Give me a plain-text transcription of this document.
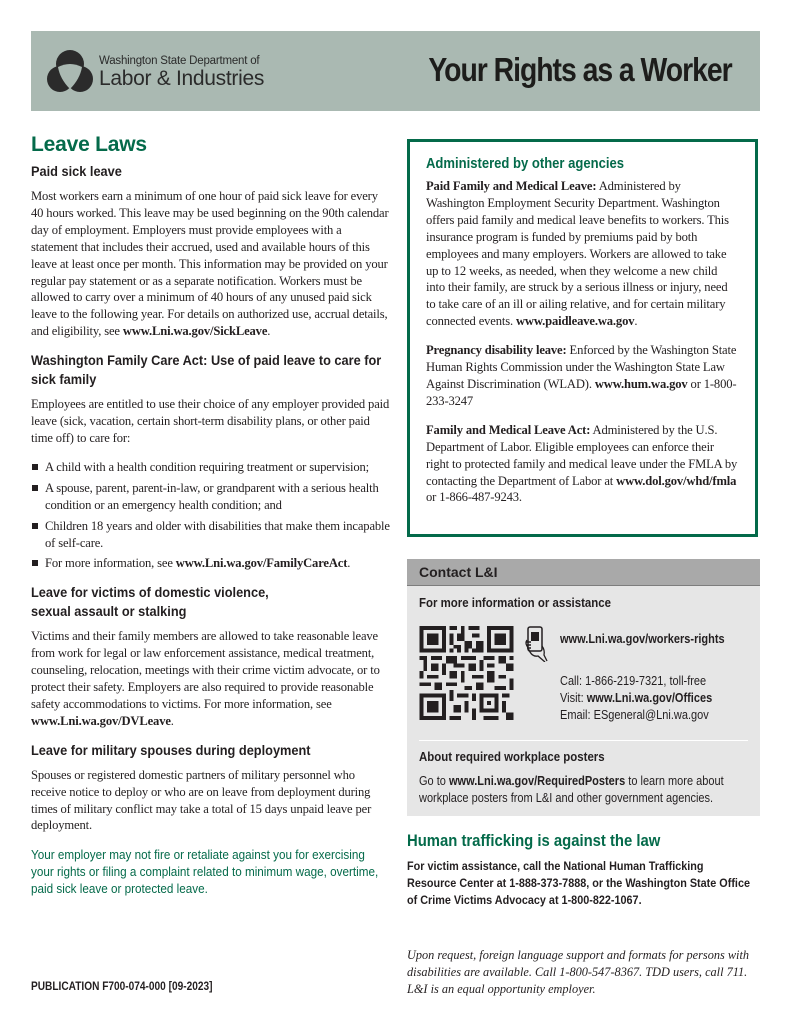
Washington State Department of
Labor & Industries	Your Rights as a Worker
Leave Laws
Paid sick leave

Most workers earn a minimum of one hour of paid sick leave for every 40 hours worked. This leave may be used beginning on the 90th calendar day of employment. Employers must provide employees with a statement that includes their accrued, used and available hours of this leave at least once per month. This information may be provided on your regular pay statement or as a separate notification. Workers must be allowed to carry over a minimum of 40 hours of any unused paid sick leave to the following year. For details on authorized use, accrual details, and eligibility, see www.Lni.wa.gov/SickLeave.

Washington Family Care Act: Use of paid leave to care for sick family

Employees are entitled to use their choice of any employer provided paid leave (sick, vacation, certain short-term disability plans, or other paid time off) to care for:

A child with a health condition requiring treatment or supervision;
A spouse, parent, parent-in-law, or grandparent with a serious health condition or an emergency health condition; and
Children 18 years and older with disabilities that make them incapable of self-care.
For more information, see www.Lni.wa.gov/FamilyCareAct.
Leave for victims of domestic violence, sexual assault or stalking

Victims and their family members are allowed to take reasonable leave from work for legal or law enforcement assistance, medical treatment, counseling, relocation, meetings with their crime victim advocate, or to protect their safety. Employers are also required to provide reasonable safety accommodations to victims. For more information, see www.Lni.wa.gov/DVLeave.

Leave for military spouses during deployment

Spouses or registered domestic partners of military personnel who receive notice to deploy or who are on leave from deployment during times of military conflict may take a total of 15 days unpaid leave per deployment.

Your employer may not fire or retaliate against you for exercising your rights or filing a complaint related to minimum wage, overtime, paid sick leave or protected leave.

PUBLICATION F700-074-000 [09-2023]
Administered by other agencies

Paid Family and Medical Leave: Administered by Washington Employment Security Department. Washington offers paid family and medical leave benefits to workers. This insurance program is funded by premiums paid by both employees and many employers. Workers are allowed to take up to 12 weeks, as needed, when they welcome a new child into their family, are struck by a serious illness or injury, need to take care of an ill or ailing relative, and for certain military connected events. www.paidleave.wa.gov.

Pregnancy disability leave: Enforced by the Washington State Human Rights Commission under the Washington State Law Against Discrimination (WLAD). www.hum.wa.gov or 1-800-233-3247

Family and Medical Leave Act: Administered by the U.S. Department of Labor. Eligible employees can enforce their right to protected family and medical leave under the FMLA by contacting the Department of Labor at www.dol.gov/whd/fmla or 1-866-487-9243.

Contact L&I
For more information or assistance
www.Lni.wa.gov/workers-rights
Call: 1-866-219-7321, toll-free
Visit: www.Lni.wa.gov/Offices
Email: ESgeneral@Lni.wa.gov
About required workplace posters
Go to www.Lni.wa.gov/RequiredPosters to learn more about workplace posters from L&I and other government agencies.
Human trafficking is against the law
For victim assistance, call the National Human Trafficking Resource Center at 1-888-373-7888, or the Washington State Office of Crime Victims Advocacy at 1-800-822-1067.
Upon request, foreign language support and formats for persons with disabilities are available. Call 1-800-547-8367. TDD users, call 711. L&I is an equal opportunity employer.
